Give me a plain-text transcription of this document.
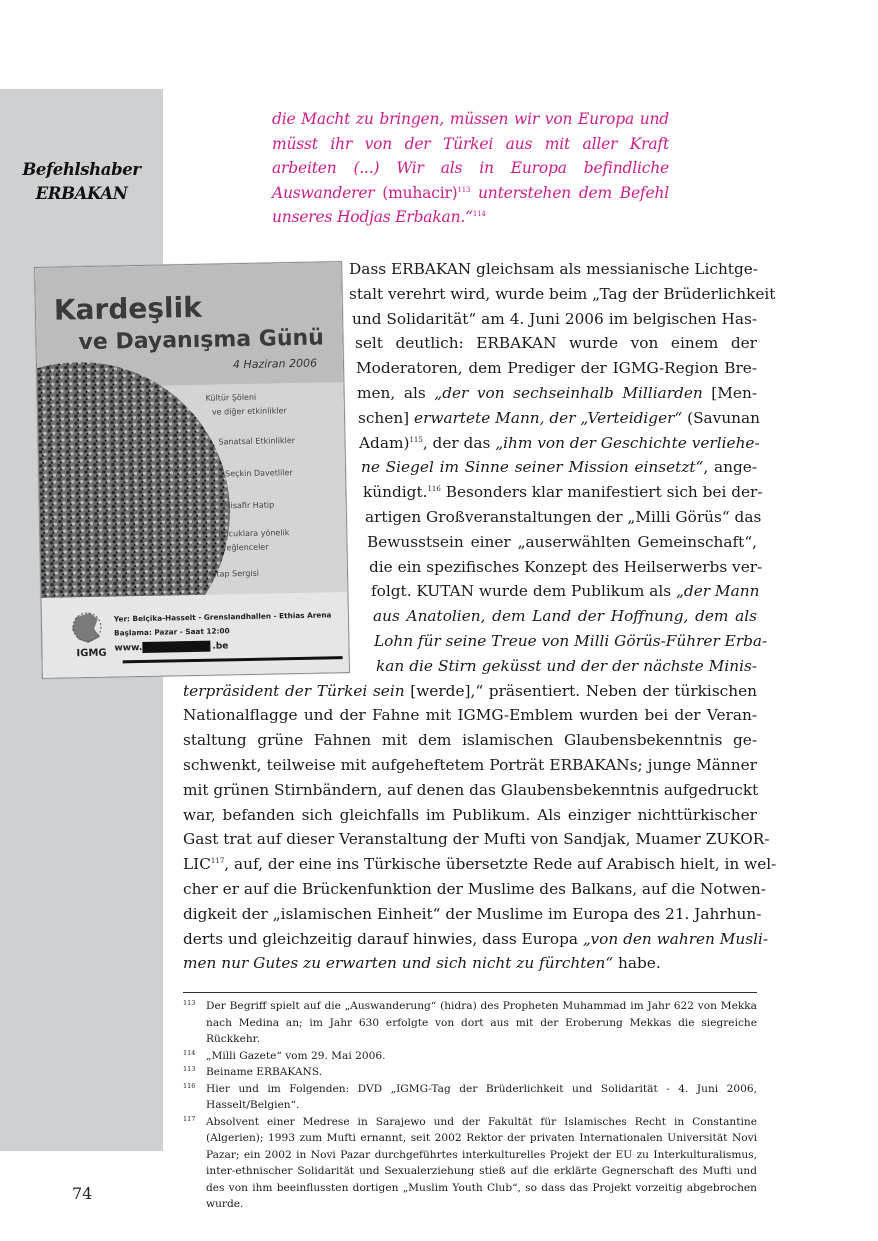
Befehlshaber
ERBAKAN

die Macht zu bringen, müssen wir von Europa und müsst ihr von der Türkei aus mit aller Kraft arbeiten (...) Wir als in Europa befindliche Auswanderer (muhacir)$^{113}$ unterstehen dem Befehl unseres Hodjas Erbakan.“$^{114}$

Kardeşlik
ve Dayanışma Günü
4 Haziran 2006
Kültür Şöleni
ve diğer etkinlikler
Sanatsal Etkinlikler
Seçkin Davetliler
Misafir Hatip
Çocuklara yönelik
eğlenceler
Kitap Sergisi
Yer: Belçika-Hasselt - Grenslandhallen - Ethias Arena
Başlama: Pazar - Saat 12:00
IGMG www.	.be
Dass ERBAKAN gleichsam als messianische Lichtge-
stalt verehrt wird, wurde beim „Tag der Brüderlichkeit
und Solidarität“ am 4. Juni 2006 im belgischen Has-
selt deutlich: ERBAKAN wurde von einem der
Moderatoren, dem Prediger der IGMG-Region Bre-
men, als „der von sechseinhalb Milliarden [Men-
schen] erwartete Mann, der „Verteidiger“ (Savunan
Adam)$^{115}$, der das „ihm von der Geschichte verliehe-
ne Siegel im Sinne seiner Mission einsetzt“, ange-
kündigt.$^{116}$ Besonders klar manifestiert sich bei der-
artigen Großveranstaltungen der „Milli Görüs“ das
Bewusstsein einer „auserwählten Gemeinschaft“,
die ein spezifisches Konzept des Heilserwerbs ver-
folgt. KUTAN wurde dem Publikum als „der Mann
aus Anatolien, dem Land der Hoffnung, dem als
Lohn für seine Treue von Milli Görüs-Führer Erba-
kan die Stirn geküsst und der der nächste Minis-
terpräsident der Türkei sein [werde],“ präsentiert. Neben der türkischen
Nationalflagge und der Fahne mit IGMG-Emblem wurden bei der Veran-
staltung grüne Fahnen mit dem islamischen Glaubensbekenntnis ge-
schwenkt, teilweise mit aufgeheftetem Porträt ERBAKANs; junge Männer
mit grünen Stirnbändern, auf denen das Glaubensbekenntnis aufgedruckt
war, befanden sich gleichfalls im Publikum. Als einziger nichttürkischer
Gast trat auf dieser Veranstaltung der Mufti von Sandjak, Muamer ZUKOR-
LIC$^{117}$, auf, der eine ins Türkische übersetzte Rede auf Arabisch hielt, in wel-
cher er auf die Brückenfunktion der Muslime des Balkans, auf die Notwen-
digkeit der „islamischen Einheit“ der Muslime im Europa des 21. Jahrhun-
derts und gleichzeitig darauf hinwies, dass Europa „von den wahren Musli-
men nur Gutes zu erwarten und sich nicht zu fürchten“ habe.

113 Der Begriff spielt auf die „Auswanderung“ (hidra) des Propheten Muhammad im Jahr 622 von Mekka nach Medina an; im Jahr 630 erfolgte von dort aus mit der Eroberung Mekkas die siegreiche Rückkehr.

114 „Milli Gazete“ vom 29. Mai 2006.

113 Beiname ERBAKANS.

116 Hier und im Folgenden: DVD „IGMG-Tag der Brüderlichkeit und Solidarität - 4. Juni 2006, Hasselt/Belgien“.

117 Absolvent einer Medrese in Sarajewo und der Fakultät für Islamisches Recht in Constantine (Algerien); 1993 zum Mufti ernannt, seit 2002 Rektor der privaten Internationalen Universität Novi Pazar; ein 2002 in Novi Pazar durchgeführtes interkulturelles Projekt der EU zu Interkulturalismus, inter-ethnischer Solidarität und Sexualerziehung stieß auf die erklärte Gegnerschaft des Mufti und des von ihm beeinflussten dortigen „Muslim Youth Club“, so dass das Projekt vorzeitig abgebrochen wurde.

74
